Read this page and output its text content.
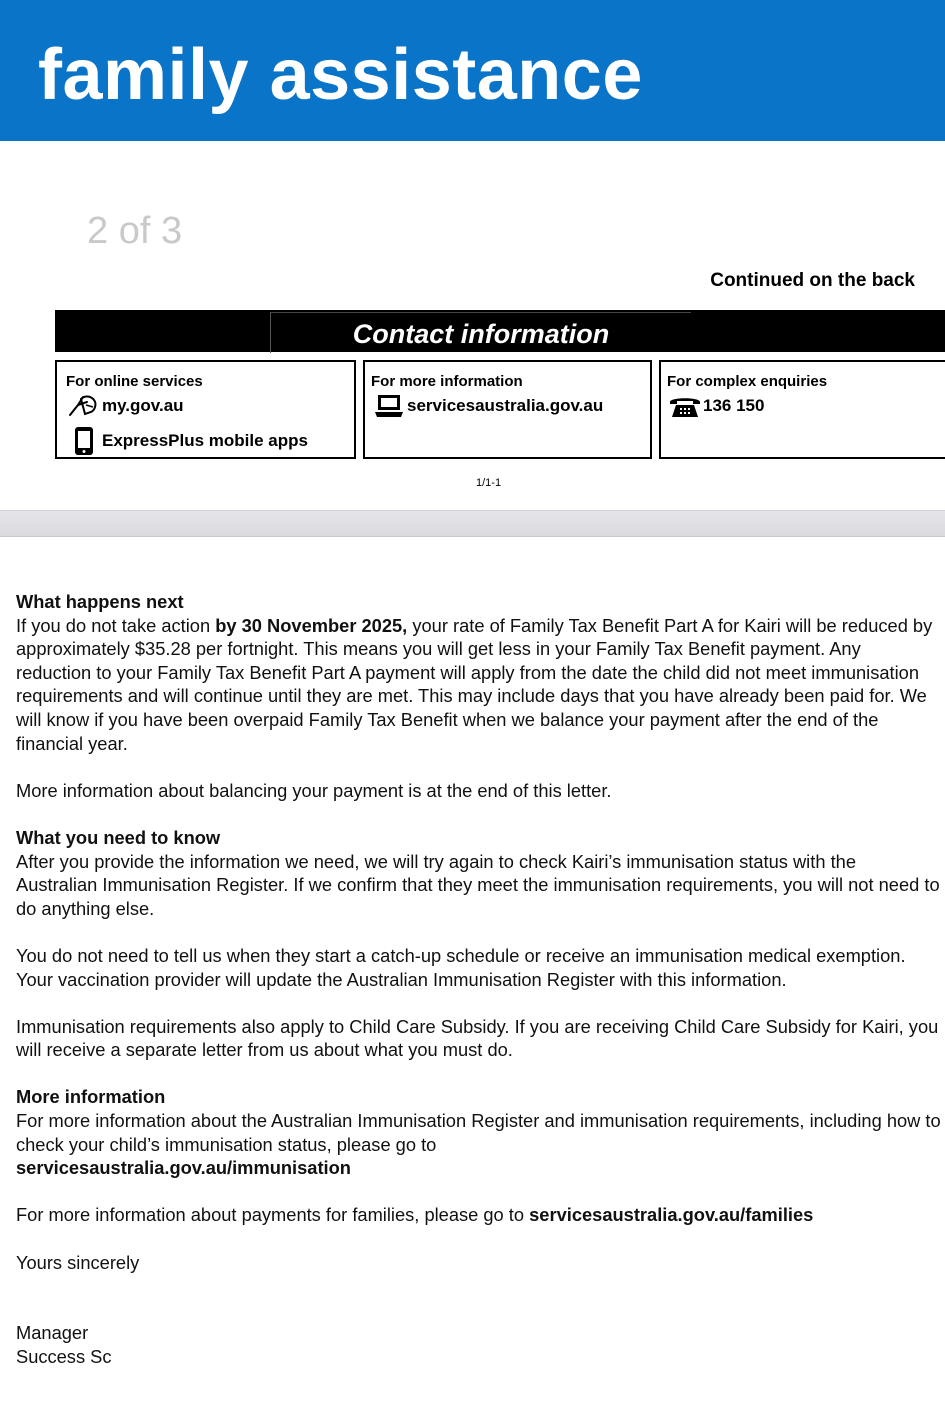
family assistance
2 of 3
Continued on the back
Contact information
For online services
my.gov.au
ExpressPlus mobile apps
For more information
servicesaustralia.gov.au
For complex enquiries
136 150
1/1-1

What happens next

If you do not take action by 30 November 2025, your rate of Family Tax Benefit Part A for Kairi will be reduced by approximately $35.28 per fortnight. This means you will get less in your Family Tax Benefit payment. Any reduction to your Family Tax Benefit Part A payment will apply from the date the child did not meet immunisation requirements and will continue until they are met. This may include days that you have already been paid for. We will know if you have been overpaid Family Tax Benefit when we balance your payment after the end of the financial year.

More information about balancing your payment is at the end of this letter.

What you need to know

After you provide the information we need, we will try again to check Kairi’s immunisation status with the Australian Immunisation Register. If we confirm that they meet the immunisation requirements, you will not need to do anything else.

You do not need to tell us when they start a catch-up schedule or receive an immunisation medical exemption. Your vaccination provider will update the Australian Immunisation Register with this information.

Immunisation requirements also apply to Child Care Subsidy. If you are receiving Child Care Subsidy for Kairi, you will receive a separate letter from us about what you must do.

More information

For more information about the Australian Immunisation Register and immunisation requirements, including how to check your child’s immunisation status, please go to

servicesaustralia.gov.au/immunisation

For more information about payments for families, please go to servicesaustralia.gov.au/families

Yours sincerely

Manager

Success Sc
